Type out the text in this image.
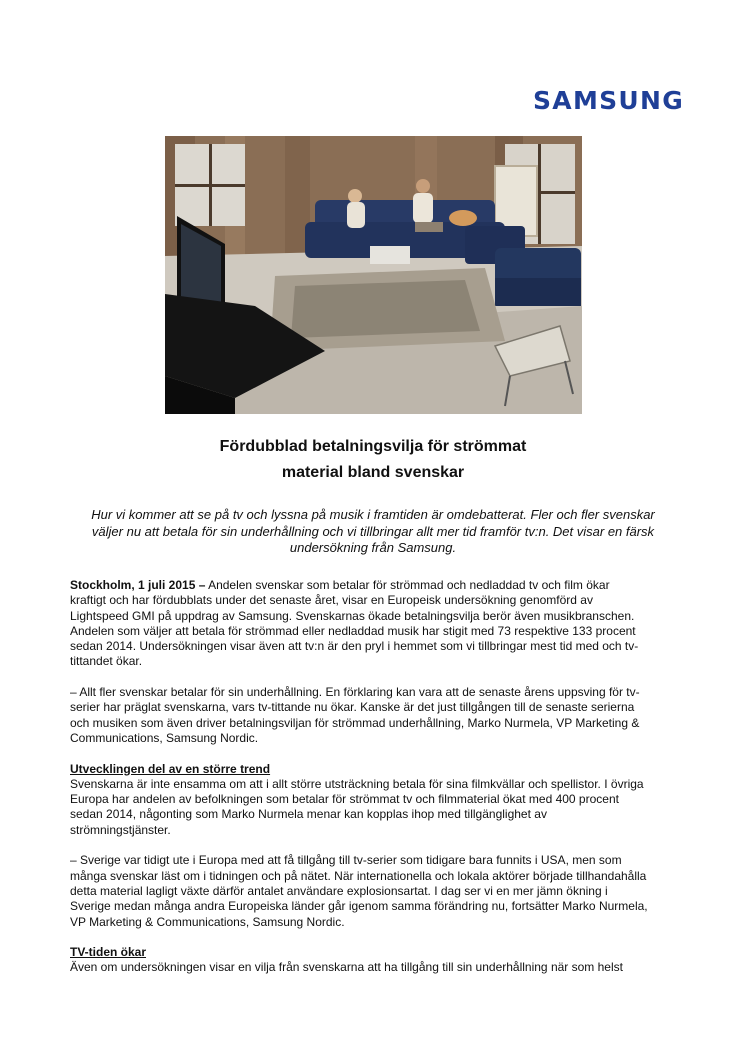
SAMSUNG
Fördubblad betalningsvilja för strömmat
material bland svenskar
Hur vi kommer att se på tv och lyssna på musik i framtiden är omdebatterat. Fler och fler svenskar
väljer nu att betala för sin underhållning och vi tillbringar allt mer tid framför tv:n. Det visar en färsk
undersökning från Samsung.

Stockholm, 1 juli 2015 – Andelen svenskar som betalar för strömmad och nedladdad tv och film ökar
kraftigt och har fördubblats under det senaste året, visar en Europeisk undersökning genomförd av
Lightspeed GMI på uppdrag av Samsung. Svenskarnas ökade betalningsvilja berör även musikbranschen.
Andelen som väljer att betala för strömmad eller nedladdad musik har stigit med 73 respektive 133 procent
sedan 2014. Undersökningen visar även att tv:n är den pryl i hemmet som vi tillbringar mest tid med och tv-
tittandet ökar.

– Allt fler svenskar betalar för sin underhållning. En förklaring kan vara att de senaste årens uppsving för tv-
serier har präglat svenskarna, vars tv-tittande nu ökar. Kanske är det just tillgången till de senaste serierna
och musiken som även driver betalningsviljan för strömmad underhållning, Marko Nurmela, VP Marketing &
Communications, Samsung Nordic.

Utvecklingen del av en större trend
Svenskarna är inte ensamma om att i allt större utsträckning betala för sina filmkvällar och spellistor. I övriga
Europa har andelen av befolkningen som betalar för strömmat tv och filmmaterial ökat med 400 procent
sedan 2014, någonting som Marko Nurmela menar kan kopplas ihop med tillgänglighet av
strömningstjänster.

– Sverige var tidigt ute i Europa med att få tillgång till tv-serier som tidigare bara funnits i USA, men som
många svenskar läst om i tidningen och på nätet. När internationella och lokala aktörer började tillhandahålla
detta material lagligt växte därför antalet användare explosionsartat. I dag ser vi en mer jämn ökning i
Sverige medan många andra Europeiska länder går igenom samma förändring nu, fortsätter Marko Nurmela,
VP Marketing & Communications, Samsung Nordic.

TV-tiden ökar
Även om undersökningen visar en vilja från svenskarna att ha tillgång till sin underhållning när som helst
